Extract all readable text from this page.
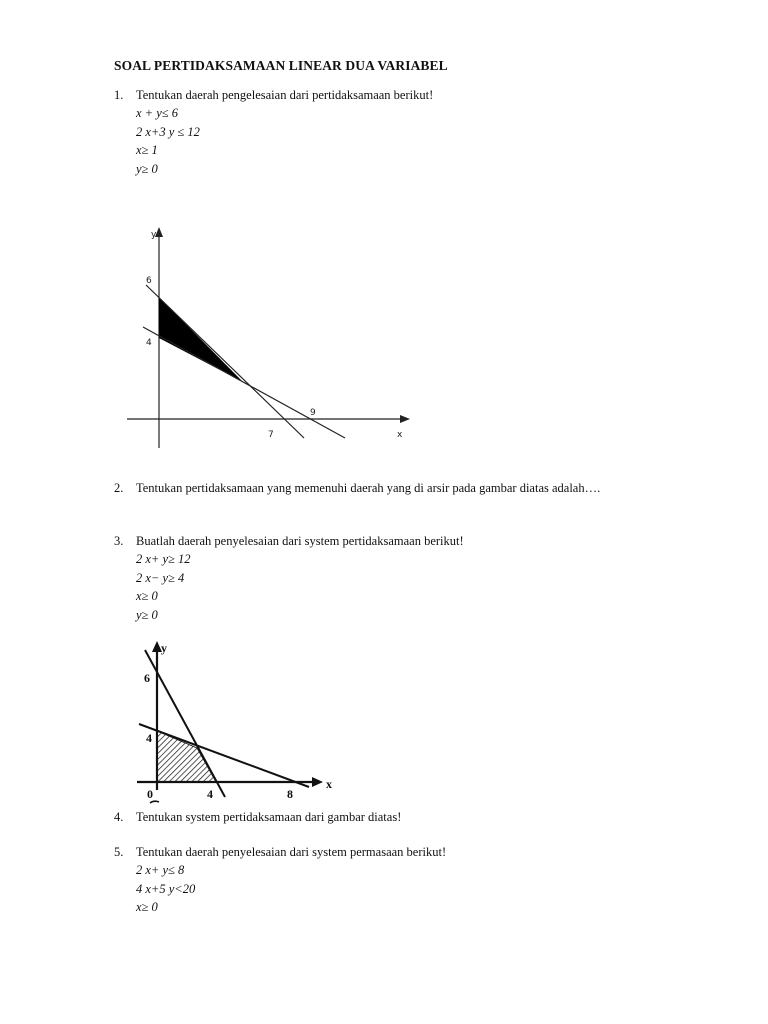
SOAL PERTIDAKSAMAAN LINEAR DUA VARIABEL
1. Tentukan daerah pengelesaian dari pertidaksamaan berikut!
x + y≤ 6
2 x+3 y ≤ 12
x≥ 1
y≥ 0
y
x
6
4
7
9
2. Tentukan pertidaksamaan yang memenuhi daerah yang di arsir pada gambar diatas adalah….
3. Buatlah daerah penyelesaian dari system pertidaksamaan berikut!
2 x+ y≥ 12
2 x− y≥ 4
x≥ 0
y≥ 0
y
x
6
4
0	4	8
4. Tentukan system pertidaksamaan dari gambar diatas!
5. Tentukan daerah penyelesaian dari system permasaan berikut!
2 x+ y≤ 8
4 x+5 y<20
x≥ 0
